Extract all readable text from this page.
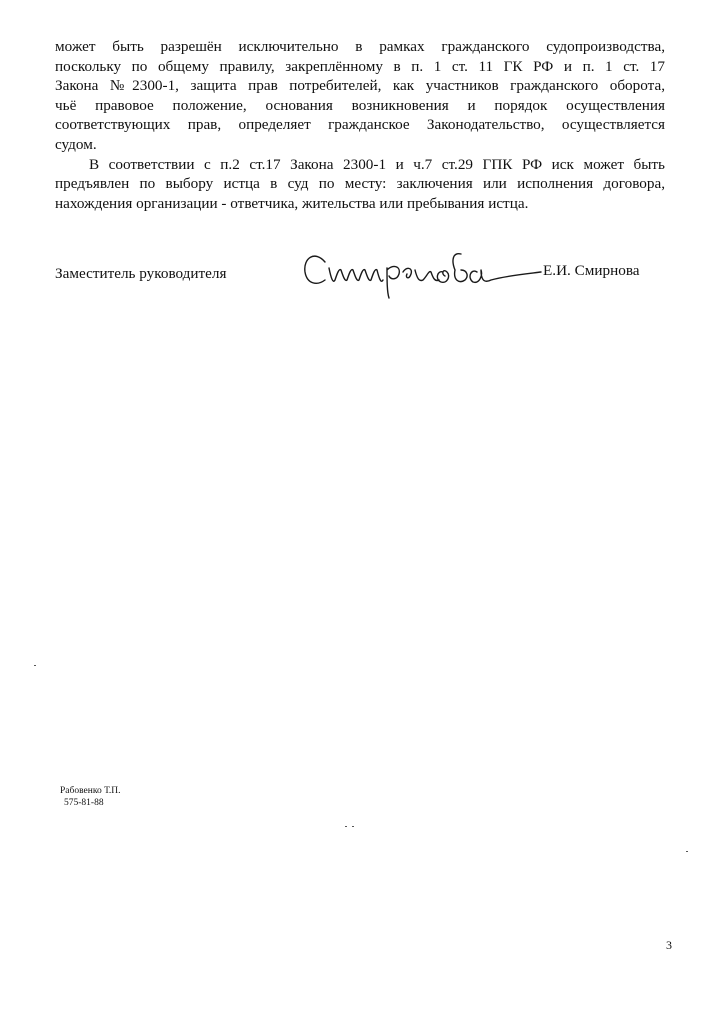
может быть разрешён исключительно в рамках гражданского судопроизводства,
поскольку по общему правилу, закреплённому в п. 1 ст. 11 ГК РФ и п. 1 ст. 17
Закона №2300-1, защита прав потребителей, как участников гражданского оборота,
чьё правовое положение, основания возникновения и порядок осуществления
соответствующих прав, определяет гражданское Законодательство, осуществляется
судом.

В соответствии с п.2 ст.17 Закона 2300-1 и ч.7 ст.29 ГПК РФ иск может быть
предъявлен по выбору истца в суд по месту: заключения или исполнения договора,
нахождения организации - ответчика, жительства или пребывания истца.

Заместитель руководителя	Е.И. Смирнова
Рабовенко Т.П.
575-81-88
3
